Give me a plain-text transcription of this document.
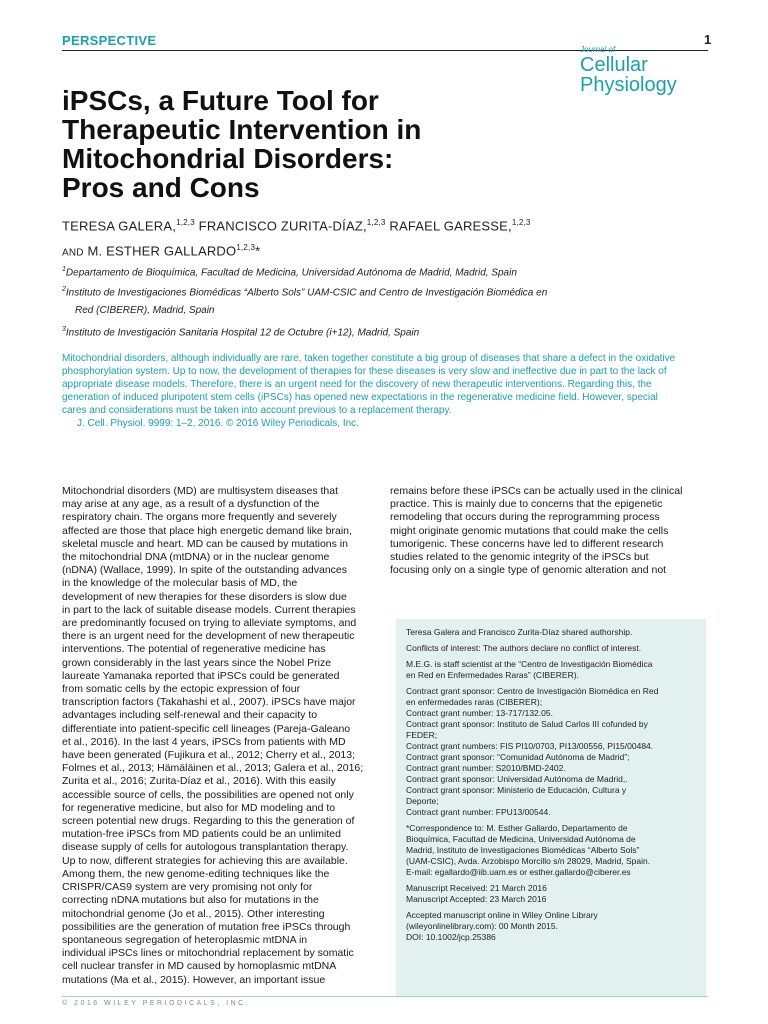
PERSPECTIVE	1
Journal of
Cellular
Physiology
iPSCs, a Future Tool for
Therapeutic Intervention in
Mitochondrial Disorders:
Pros and Cons
TERESA GALERA,$^{1,2,3}$ FRANCISCO ZURITA-DÍAZ,$^{1,2,3}$ RAFAEL GARESSE,$^{1,2,3}$
AND M. ESTHER GALLARDO$^{1,2,3}$*
$^1$Departamento de Bioquímica, Facultad de Medicina, Universidad Autónoma de Madrid, Madrid, Spain
$^2$Instituto de Investigaciones Biomédicas “Alberto Sols” UAM-CSIC and Centro de Investigación Biomédica en
Red (CIBERER), Madrid, Spain
$^3$Instituto de Investigación Sanitaria Hospital 12 de Octubre (i+12), Madrid, Spain
Mitochondrial disorders, although individually are rare, taken together constitute a big group of diseases that share a defect in the oxidative
phosphorylation system. Up to now, the development of therapies for these diseases is very slow and ineffective due in part to the lack of
appropriate disease models. Therefore, there is an urgent need for the discovery of new therapeutic interventions. Regarding this, the
generation of induced pluripotent stem cells (iPSCs) has opened new expectations in the regenerative medicine field. However, special
cares and considerations must be taken into account previous to a replacement therapy.
J. Cell. Physiol. 9999: 1–2, 2016. © 2016 Wiley Periodicals, Inc.
Mitochondrial disorders (MD) are multisystem diseases that
may arise at any age, as a result of a dysfunction of the
respiratory chain. The organs more frequently and severely
affected are those that place high energetic demand like brain,
skeletal muscle and heart. MD can be caused by mutations in
the mitochondrial DNA (mtDNA) or in the nuclear genome
(nDNA) (Wallace, 1999). In spite of the outstanding advances
in the knowledge of the molecular basis of MD, the
development of new therapies for these disorders is slow due
in part to the lack of suitable disease models. Current therapies
are predominantly focused on trying to alleviate symptoms, and
there is an urgent need for the development of new therapeutic
interventions. The potential of regenerative medicine has
grown considerably in the last years since the Nobel Prize
laureate Yamanaka reported that iPSCs could be generated
from somatic cells by the ectopic expression of four
transcription factors (Takahashi et al., 2007). iPSCs have major
advantages including self-renewal and their capacity to
differentiate into patient-specific cell lineages (Pareja-Galeano
et al., 2016). In the last 4 years, iPSCs from patients with MD
have been generated (Fujikura et al., 2012; Cherry et al., 2013;
Folmes et al., 2013; Hämäläinen et al., 2013; Galera et al., 2016;
Zurita et al., 2016; Zurita-Díaz et al., 2016). With this easily
accessible source of cells, the possibilities are opened not only
for regenerative medicine, but also for MD modeling and to
screen potential new drugs. Regarding to this the generation of
mutation-free iPSCs from MD patients could be an unlimited
disease supply of cells for autologous transplantation therapy.
Up to now, different strategies for achieving this are available.
Among them, the new genome-editing techniques like the
CRISPR/CAS9 system are very promising not only for
correcting nDNA mutations but also for mutations in the
mitochondrial genome (Jo et al., 2015). Other interesting
possibilities are the generation of mutation free iPSCs through
spontaneous segregation of heteroplasmic mtDNA in
individual iPSCs lines or mitochondrial replacement by somatic
cell nuclear transfer in MD caused by homoplasmic mtDNA
mutations (Ma et al., 2015). However, an important issue
remains before these iPSCs can be actually used in the clinical
practice. This is mainly due to concerns that the epigenetic
remodeling that occurs during the reprogramming process
might originate genomic mutations that could make the cells
tumorigenic. These concerns have led to different research
studies related to the genomic integrity of the iPSCs but
focusing only on a single type of genomic alteration and not
Teresa Galera and Francisco Zurita-Díaz shared authorship.
Conflicts of interest: The authors declare no conflict of interest.
M.E.G. is staff scientist at the “Centro de Investigación Biomédica
en Red en Enfermedades Raras” (CIBERER).
Contract grant sponsor: Centro de Investigación Biomédica en Red
en enfermedades raras (CIBERER);
Contract grant number: 13-717/132.05.
Contract grant sponsor: Instituto de Salud Carlos III cofunded by
FEDER;
Contract grant numbers: FIS PI10/0703, PI13/00556, PI15/00484.
Contract grant sponsor: “Comunidad Autónoma de Madrid”;
Contract grant number: S2010/BMD-2402.
Contract grant sponsor: Universidad Autónoma de Madrid,.
Contract grant sponsor: Ministerio de Educación, Cultura y
Deporte;
Contract grant number: FPU13/00544.
*Correspondence to: M. Esther Gallardo, Departamento de
Bioquímica, Facultad de Medicina, Universidad Autónoma de
Madrid, Instituto de Investigaciones Biomédicas “Alberto Sols”
(UAM-CSIC), Avda. Arzobispo Morcillo s/n 28029, Madrid, Spain.
E-mail: egallardo@iib.uam.es or esther.gallardo@ciberer.es
Manuscript Received: 21 March 2016
Manuscript Accepted: 23 March 2016
Accepted manuscript online in Wiley Online Library
(wileyonlinelibrary.com): 00 Month 2015.
DOI: 10.1002/jcp.25386
© 2016 WILEY PERIODICALS, INC.
